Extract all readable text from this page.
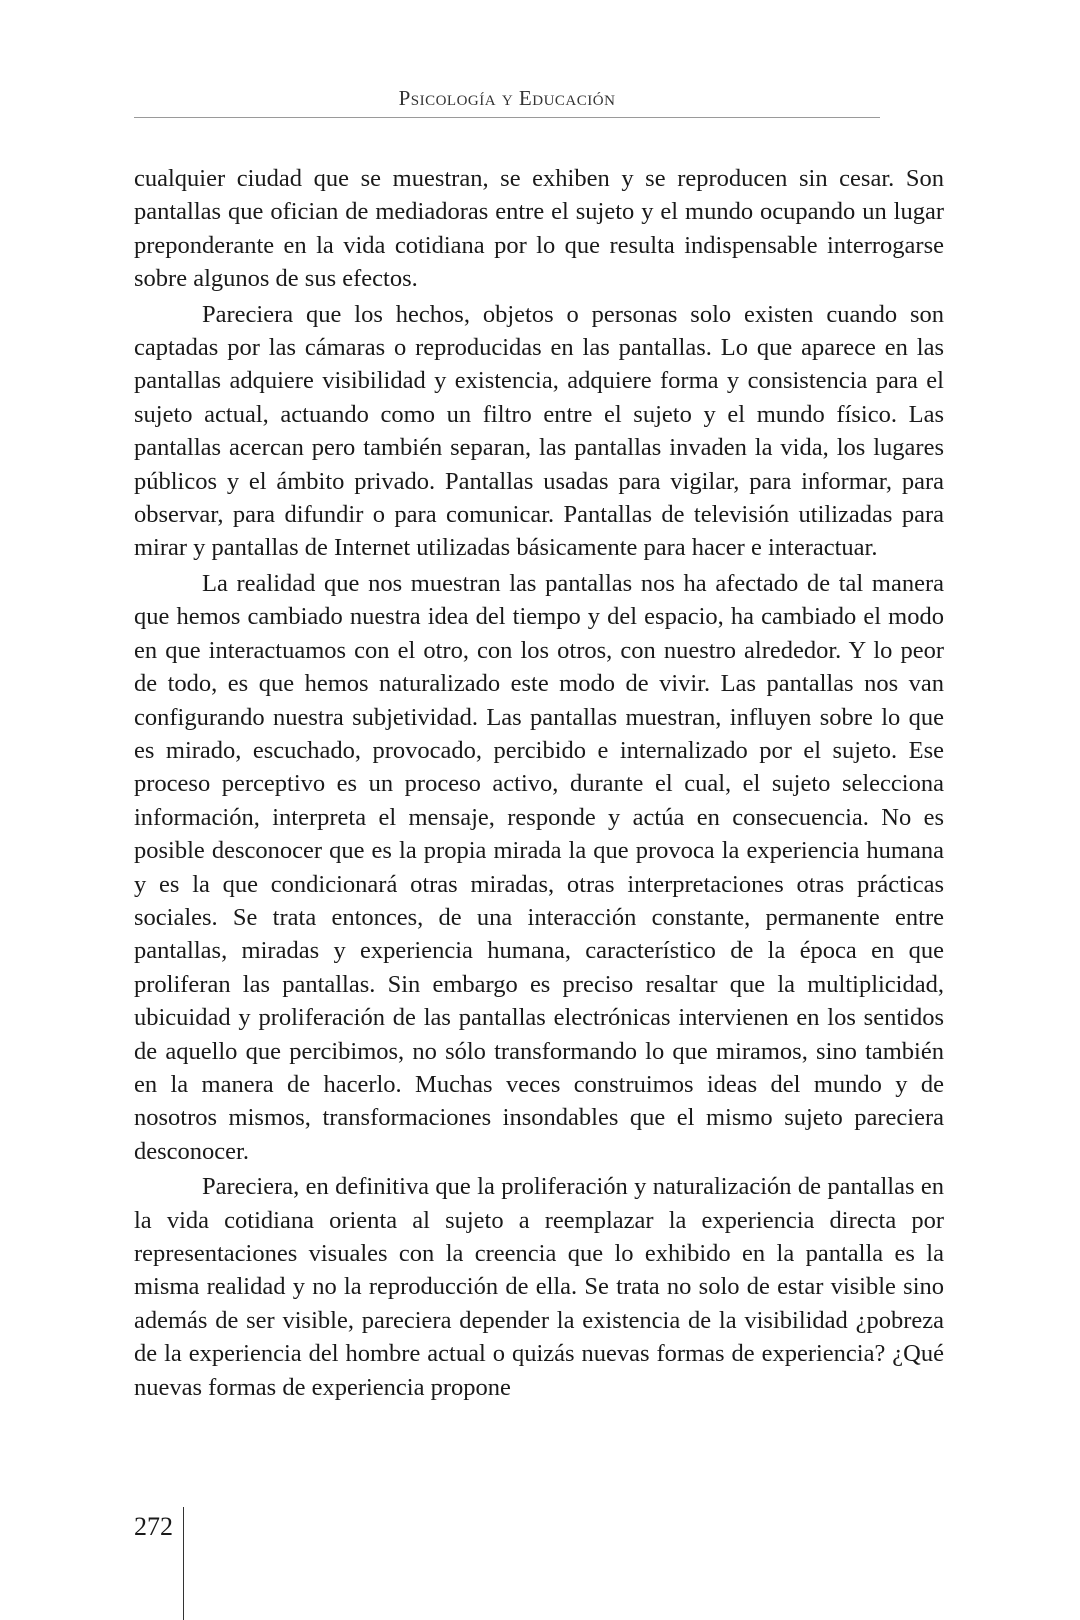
Psicología y Educación

cualquier ciudad que se muestran, se exhiben y se reproducen sin cesar. Son pantallas que ofician de mediadoras entre el sujeto y el mundo ocupando un lugar preponderante en la vida cotidiana por lo que resulta indispensable interrogarse sobre algunos de sus efectos.

Pareciera que los hechos, objetos o personas solo existen cuando son captadas por las cámaras o reproducidas en las pantallas. Lo que aparece en las pantallas adquiere visibilidad y existencia, adquiere forma y consistencia para el sujeto actual, actuando como un filtro entre el sujeto y el mundo físico. Las pantallas acercan pero también separan, las pantallas invaden la vida, los lugares públicos y el ámbito privado. Pantallas usadas para vigilar, para informar, para observar, para difundir o para comunicar. Pantallas de televisión utilizadas para mirar y pantallas de Internet utilizadas básicamente para hacer e interactuar.

La realidad que nos muestran las pantallas nos ha afectado de tal manera que hemos cambiado nuestra idea del tiempo y del espacio, ha cambiado el modo en que interactuamos con el otro, con los otros, con nuestro alrededor. Y lo peor de todo, es que hemos naturalizado este modo de vivir. Las pantallas nos van configurando nuestra subjetividad. Las pantallas muestran, influyen sobre lo que es mirado, escuchado, provocado, percibido e internalizado por el sujeto. Ese proceso perceptivo es un proceso activo, durante el cual, el sujeto selecciona información, interpreta el mensaje, responde y actúa en consecuencia. No es posible desconocer que es la propia mirada la que provoca la experiencia humana y es la que condicionará otras miradas, otras interpretaciones otras prácticas sociales. Se trata entonces, de una interacción constante, permanente entre pantallas, miradas y experiencia humana, característico de la época en que proliferan las pantallas. Sin embargo es preciso resaltar que la multiplicidad, ubicuidad y proliferación de las pantallas electrónicas intervienen en los sentidos de aquello que percibimos, no sólo transformando lo que miramos, sino también en la manera de hacerlo. Muchas veces construimos ideas del mundo y de nosotros mismos, transformaciones insondables que el mismo sujeto pareciera desconocer.

Pareciera, en definitiva que la proliferación y naturalización de pantallas en la vida cotidiana orienta al sujeto a reemplazar la experiencia directa por representaciones visuales con la creencia que lo exhibido en la pantalla es la misma realidad y no la reproducción de ella. Se trata no solo de estar visible sino además de ser visible, pareciera depender la existencia de la visibilidad ¿pobreza de la experiencia del hombre actual o quizás nuevas formas de experiencia? ¿Qué nuevas formas de experiencia propone

272
